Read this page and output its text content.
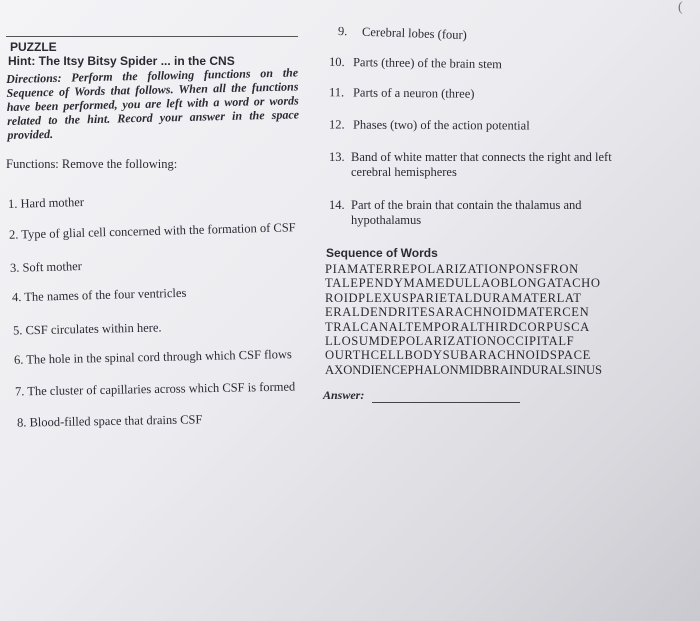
(
PUZZLE
Hint: The Itsy Bitsy Spider ... in the CNS
Directions: Perform the following functions on the Sequence of Words that follows. When all the functions have been performed, you are left with a word or words related to the hint. Record your answer in the space provided.
Functions: Remove the following:
1. Hard mother
2. Type of glial cell concerned with the formation of CSF
3. Soft mother
4. The names of the four ventricles
5. CSF circulates within here.
6. The hole in the spinal cord through which CSF flows
7. The cluster of capillaries across which CSF is formed
8. Blood-filled space that drains CSF
9. Cerebral lobes (four)
10. Parts (three) of the brain stem
11. Parts of a neuron (three)
12. Phases (two) of the action potential
13. Band of white matter that connects the right and left cerebral hemispheres
14. Part of the brain that contain the thalamus and hypothalamus
Sequence of Words
PIAMATERREPOLARIZATIONPONSFRON
TALEPENDYMAMEDULLAOBLONGATACHO
ROIDPLEXUSPARIETALDURAMATERLAT
ERALDENDRITESARACHNOIDMATERCEN
TRALCANALTEMPORALTHIRDCORPUSCA
LLOSUMDEPOLARIZATIONOCCIPITALF
OURTHCELLBODYSUBARACHNOIDSPACE
AXONDIENCEPHALONMIDBRAINDURALSINUS
Answer:
